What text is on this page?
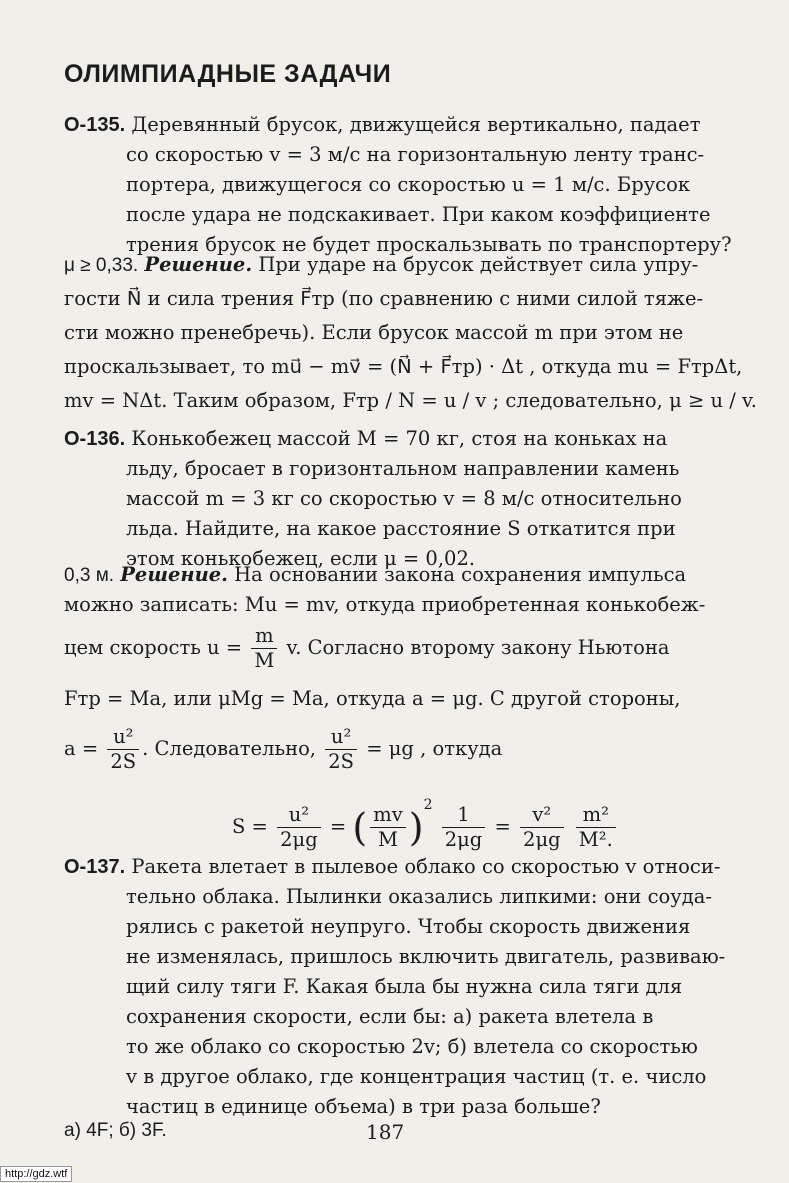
ОЛИМПИАДНЫЕ ЗАДАЧИ
О-135. Деревянный брусок, движущейся вертикально, падает
со скоростью v = 3 м/с на горизонтальную ленту транс-
портера, движущегося со скоростью u = 1 м/с. Брусок
после удара не подскакивает. При каком коэффициенте
трения брусок не будет проскальзывать по транспортеру?
μ ≥ 0,33. Решение. При ударе на брусок действует сила упру-
гости N⃗ и сила трения F⃗тр (по сравнению с ними силой тяже-
сти можно пренебречь). Если брусок массой m при этом не
проскальзывает, то mu⃗ − mv⃗ = (N⃗ + F⃗тр) · Δt , откуда mu = FтрΔt,
mv = NΔt. Таким образом, Fтр / N = u / v ; следовательно, μ ≥ u / v.
О-136. Конькобежец массой M = 70 кг, стоя на коньках на
льду, бросает в горизонтальном направлении камень
массой m = 3 кг со скоростью v = 8 м/с относительно
льда. Найдите, на какое расстояние S откатится при
этом конькобежец, если μ = 0,02.
0,3 м. Решение. На основании закона сохранения импульса
можно записать: Mu = mv, откуда приобретенная конькобеж-
цем скорость $u = \frac{m}{M} v$. Согласно второму закону Ньютона
Fтр = Ma, или μMg = Ma, откуда a = μg. С другой стороны,
$a = \frac{\text{u²}}{2S}$ . Следовательно, $\frac{\text{u²}}{2S} = \mu g$ , откуда
$S = \frac{\text{u²}}{2\mu g}$ = ( $\frac{mv}{M} )^2 \frac{1}{2\mu g} = \frac{\text{v²}}{2\mu g}$
$\frac{\text{m²}}{\text{M².}}$
О-137. Ракета влетает в пылевое облако со скоростью v относи-
тельно облака. Пылинки оказались липкими: они соуда-
рялись с ракетой неупруго. Чтобы скорость движения
не изменялась, пришлось включить двигатель, развиваю-
щий силу тяги F. Какая была бы нужна сила тяги для
сохранения скорости, если бы: а) ракета влетела в
то же облако со скоростью 2v; б) влетела со скоростью
v в другое облако, где концентрация частиц (т. е. число
частиц в единице объема) в три раза больше?
а) 4F; б) 3F.	187
http://gdz.wtf
